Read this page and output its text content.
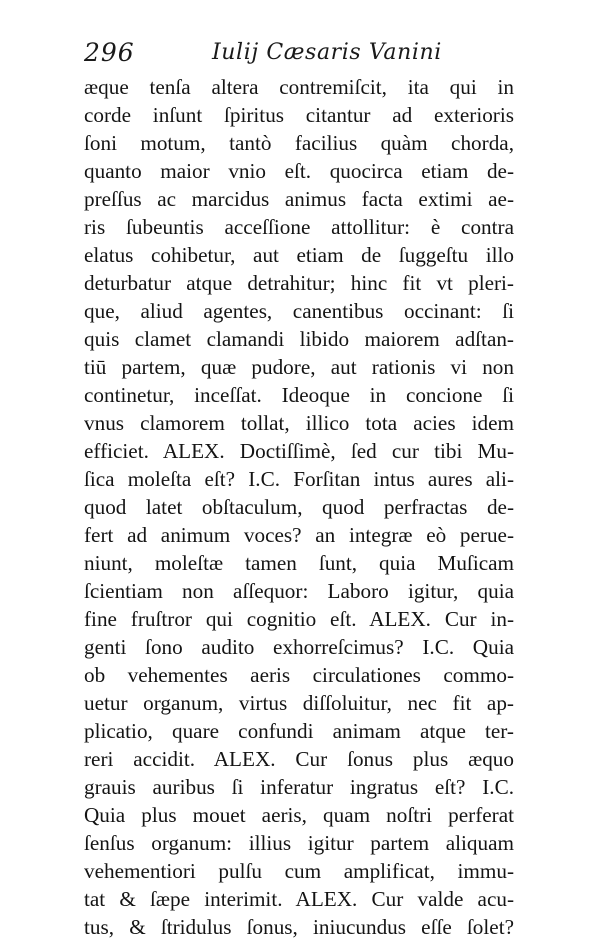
296	Iulij Cæsaris Vanini
æque tenſa altera contremiſcit, ita qui in
corde inſunt ſpiritus citantur ad exterioris
ſoni motum, tantò facilius quàm chorda,
quanto maior vnio eſt. quocirca etiam de-
preſſus ac marcidus animus facta extimi ae-
ris ſubeuntis acceſſione attollitur: è contra
elatus cohibetur, aut etiam de ſuggeſtu illo
deturbatur atque detrahitur; hinc fit vt pleri-
que, aliud agentes, canentibus occinant: ſi
quis clamet clamandi libido maiorem adſtan-
tiū partem, quæ pudore, aut rationis vi non
continetur, inceſſat. Ideoque in concione ſi
vnus clamorem tollat, illico tota acies idem
efficiet. ALEX. Doctiſſimè, ſed cur tibi Mu-
ſica moleſta eſt? I.C. Forſitan intus aures ali-
quod latet obſtaculum, quod perfractas de-
fert ad animum voces? an integræ eò perue-
niunt, moleſtæ tamen ſunt, quia Muſicam
ſcientiam non aſſequor: Laboro igitur, quia
fine fruſtror qui cognitio eſt. ALEX. Cur in-
genti ſono audito exhorreſcimus? I.C. Quia
ob vehementes aeris circulationes commo-
uetur organum, virtus diſſoluitur, nec fit ap-
plicatio, quare confundi animam atque ter-
reri accidit. ALEX. Cur ſonus plus æquo
grauis auribus ſi inferatur ingratus eſt? I.C.
Quia plus mouet aeris, quam noſtri perferat
ſenſus organum: illius igitur partem aliquam
vehementiori pulſu cum amplificat, immu-
tat & ſæpe interimit. ALEX. Cur valde acu-
tus, & ſtridulus ſonus, iniucundus eſſe ſolet?
